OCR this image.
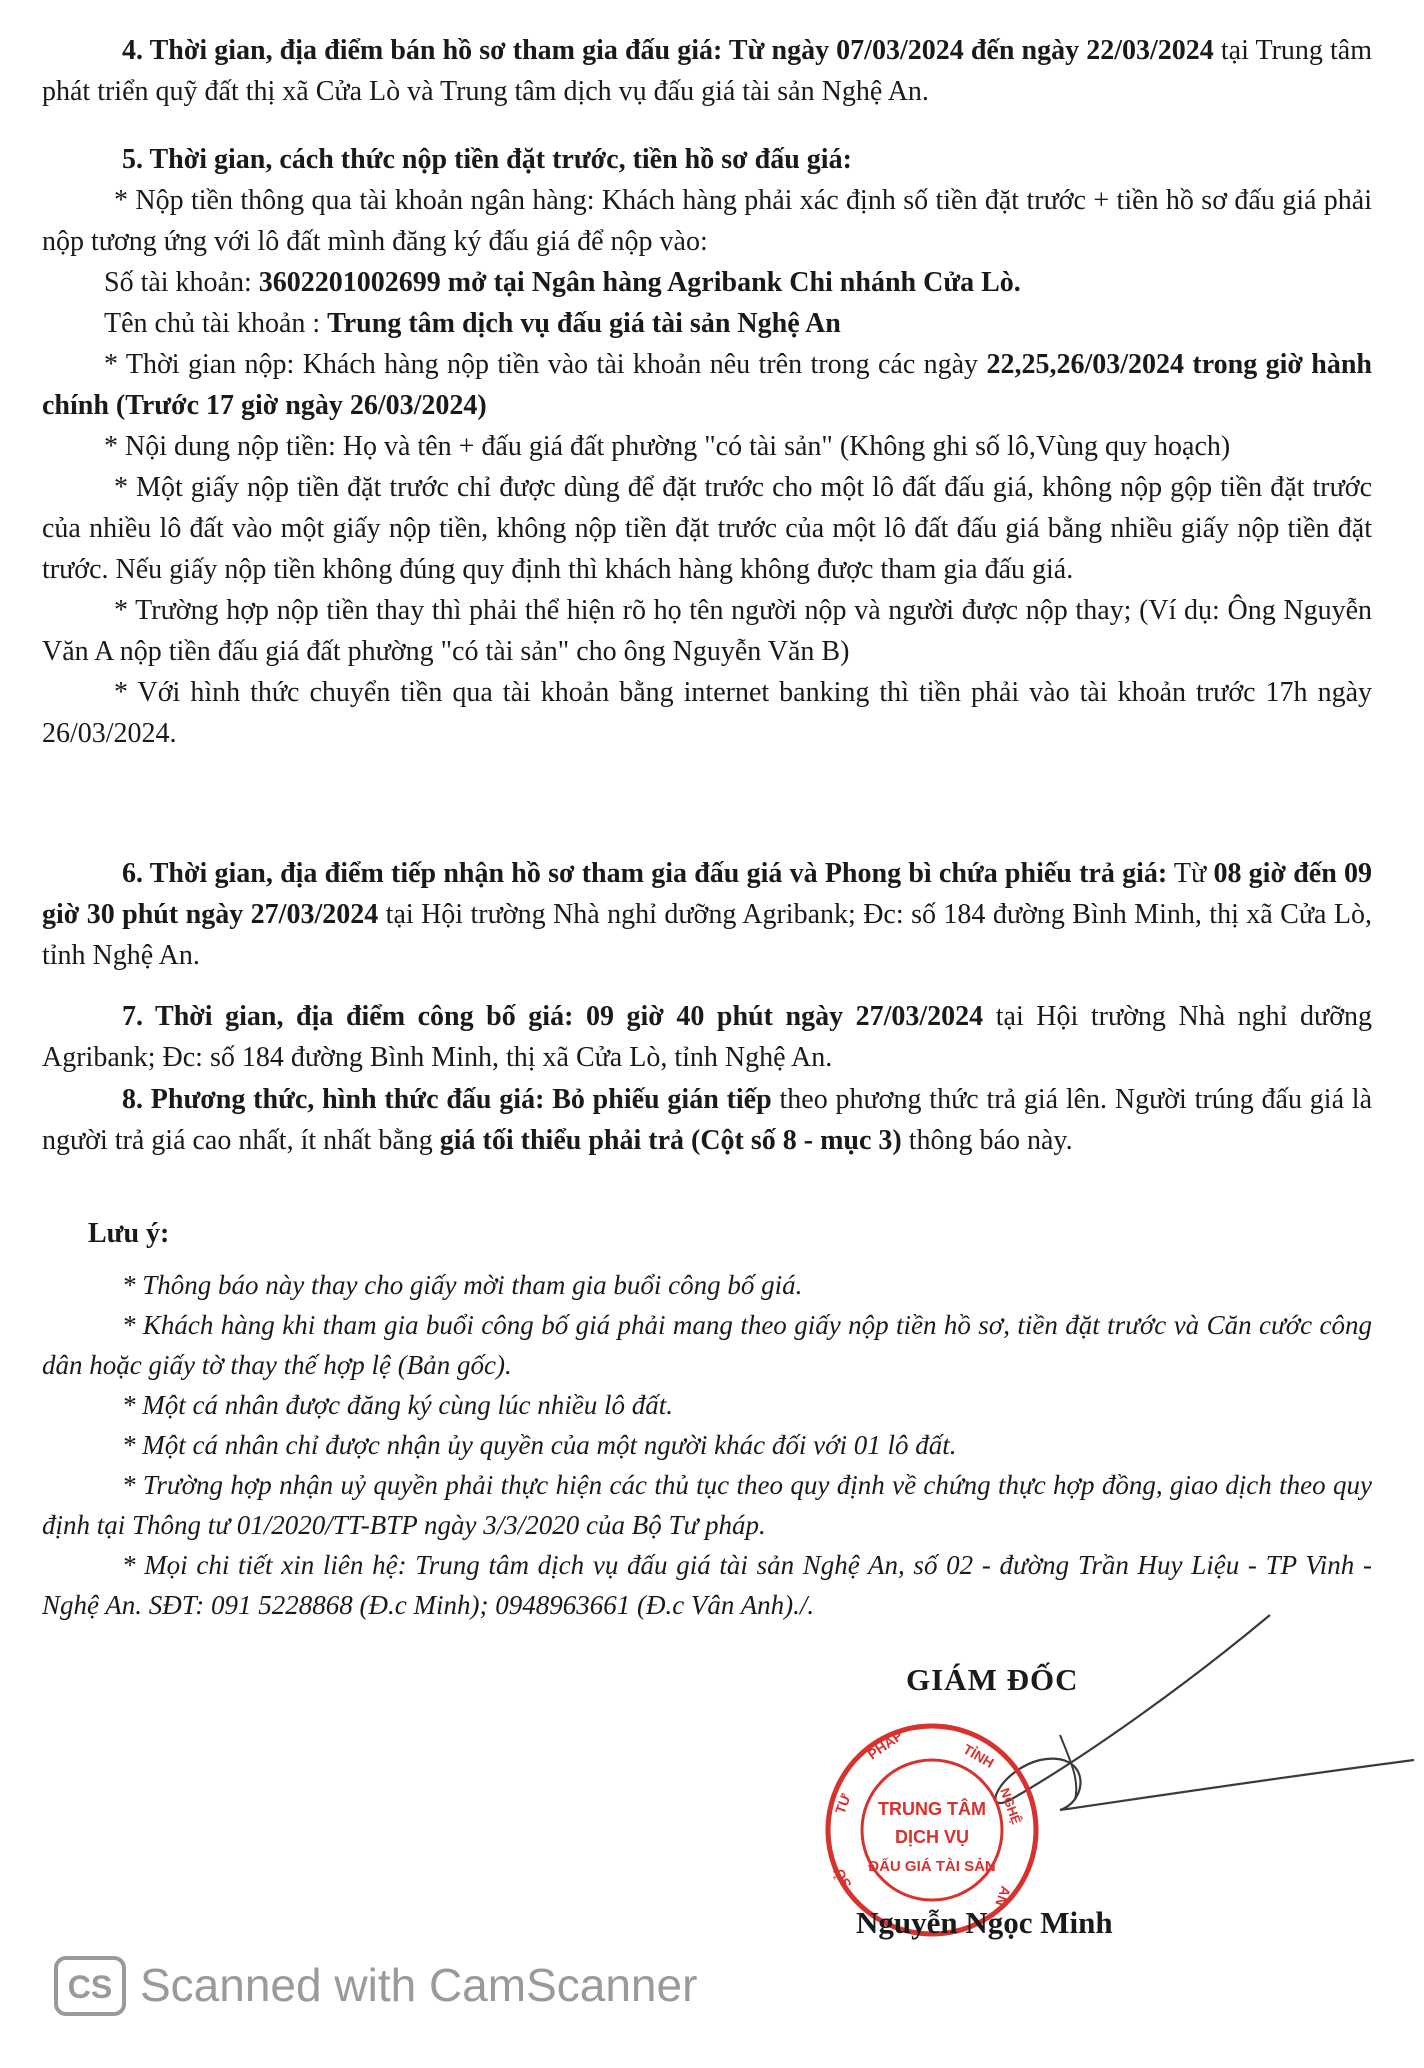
4. Thời gian, địa điểm bán hồ sơ tham gia đấu giá: Từ ngày 07/03/2024 đến ngày 22/03/2024 tại Trung tâm phát triển quỹ đất thị xã Cửa Lò và Trung tâm dịch vụ đấu giá tài sản Nghệ An.

5. Thời gian, cách thức nộp tiền đặt trước, tiền hồ sơ đấu giá:

* Nộp tiền thông qua tài khoản ngân hàng: Khách hàng phải xác định số tiền đặt trước + tiền hồ sơ đấu giá phải nộp tương ứng với lô đất mình đăng ký đấu giá để nộp vào:

Số tài khoản: 3602201002699 mở tại Ngân hàng Agribank Chi nhánh Cửa Lò.

Tên chủ tài khoản : Trung tâm dịch vụ đấu giá tài sản Nghệ An

* Thời gian nộp: Khách hàng nộp tiền vào tài khoản nêu trên trong các ngày 22,25,26/03/2024 trong giờ hành chính (Trước 17 giờ ngày 26/03/2024)

* Nội dung nộp tiền: Họ và tên + đấu giá đất phường "có tài sản" (Không ghi số lô,Vùng quy hoạch)

* Một giấy nộp tiền đặt trước chỉ được dùng để đặt trước cho một lô đất đấu giá, không nộp gộp tiền đặt trước của nhiều lô đất vào một giấy nộp tiền, không nộp tiền đặt trước của một lô đất đấu giá bằng nhiều giấy nộp tiền đặt trước. Nếu giấy nộp tiền không đúng quy định thì khách hàng không được tham gia đấu giá.

* Trường hợp nộp tiền thay thì phải thể hiện rõ họ tên người nộp và người được nộp thay; (Ví dụ: Ông Nguyễn Văn A nộp tiền đấu giá đất phường "có tài sản" cho ông Nguyễn Văn B)

* Với hình thức chuyển tiền qua tài khoản bằng internet banking thì tiền phải vào tài khoản trước 17h ngày 26/03/2024.

6. Thời gian, địa điểm tiếp nhận hồ sơ tham gia đấu giá và Phong bì chứa phiếu trả giá: Từ 08 giờ đến 09 giờ 30 phút ngày 27/03/2024 tại Hội trường Nhà nghỉ dưỡng Agribank; Đc: số 184 đường Bình Minh, thị xã Cửa Lò, tỉnh Nghệ An.

7. Thời gian, địa điểm công bố giá: 09 giờ 40 phút ngày 27/03/2024 tại Hội trường Nhà nghỉ dưỡng Agribank; Đc: số 184 đường Bình Minh, thị xã Cửa Lò, tỉnh Nghệ An.

8. Phương thức, hình thức đấu giá: Bỏ phiếu gián tiếp theo phương thức trả giá lên. Người trúng đấu giá là người trả giá cao nhất, ít nhất bằng giá tối thiểu phải trả (Cột số 8 - mục 3) thông báo này.

Lưu ý:

* Thông báo này thay cho giấy mời tham gia buổi công bố giá.

* Khách hàng khi tham gia buổi công bố giá phải mang theo giấy nộp tiền hồ sơ, tiền đặt trước và Căn cước công dân hoặc giấy tờ thay thế hợp lệ (Bản gốc).

* Một cá nhân được đăng ký cùng lúc nhiều lô đất.

* Một cá nhân chỉ được nhận ủy quyền của một người khác đối với 01 lô đất.

* Trường hợp nhận uỷ quyền phải thực hiện các thủ tục theo quy định về chứng thực hợp đồng, giao dịch theo quy định tại Thông tư 01/2020/TT-BTP ngày 3/3/2020 của Bộ Tư pháp.

* Mọi chi tiết xin liên hệ: Trung tâm dịch vụ đấu giá tài sản Nghệ An, số 02 - đường Trần Huy Liệu - TP Vinh - Nghệ An. SĐT: 091 5228868 (Đ.c Minh); 0948963661 (Đ.c Vân Anh)./.

GIÁM ĐỐC
PHÁP	TỈNH
TƯ	NGHỆ
SỞ
AN
TRUNG TÂM
DỊCH VỤ
ĐẤU GIÁ TÀI SẢN
Nguyễn Ngọc Minh
CS Scanned with CamScanner
